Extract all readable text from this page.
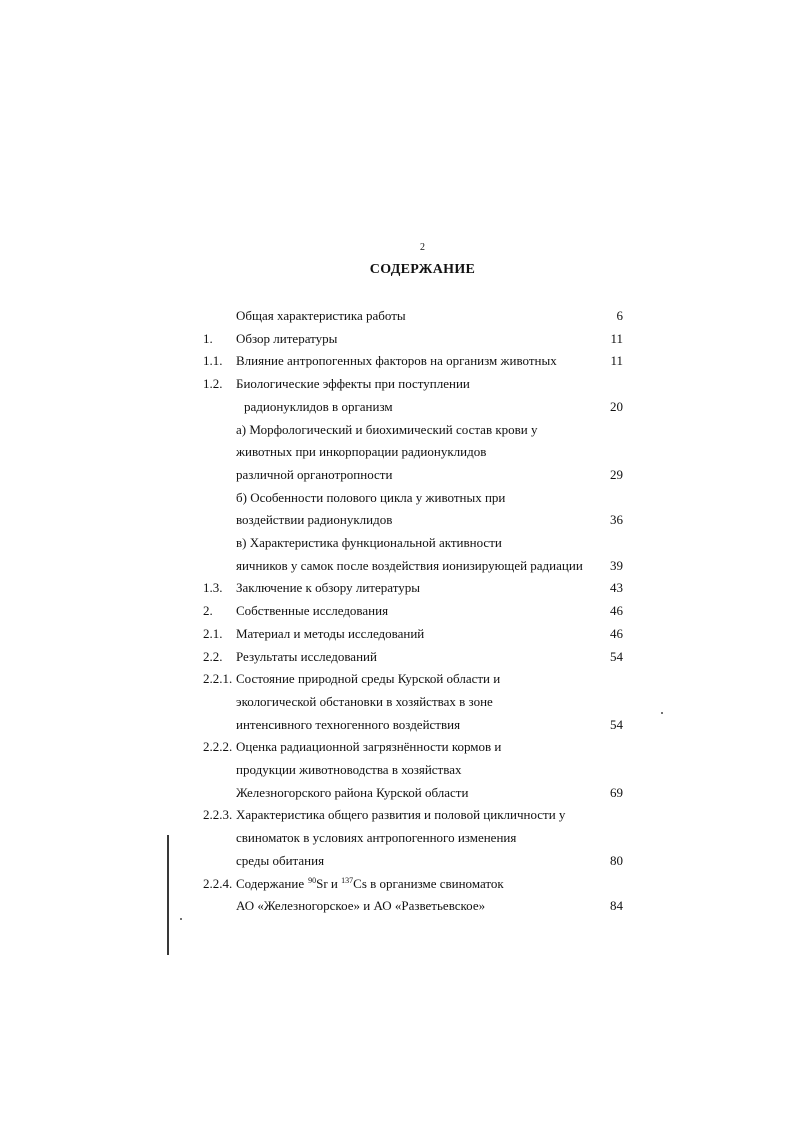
2
СОДЕРЖАНИЕ
Общая характеристика работы	6
1. Обзор литературы	11
1.1. Влияние антропогенных факторов на организм животных	11
1.2. Биологические эффекты при поступлении
радионуклидов в организм	20
а) Морфологический и биохимический состав крови у
животных при инкорпорации радионуклидов
различной органотропности	29
б) Особенности полового цикла у животных при
воздействии радионуклидов	36
в) Характеристика функциональной активности
яичников у самок после воздействия ионизирующей радиации	39
1.3. Заключение к обзору литературы	43
2. Собственные исследования	46
2.1. Материал и методы исследований	46
2.2. Результаты исследований	54
2.2.1. Состояние природной среды Курской области и
экологической обстановки в хозяйствах в зоне
интенсивного техногенного воздействия	54
2.2.2. Оценка радиационной загрязнённости кормов и
продукции животноводства в хозяйствах
Железногорского района Курской области	69
2.2.3. Характеристика общего развития и половой цикличности у
свиноматок в условиях антропогенного изменения
среды обитания	80
2.2.4. Содержание $^{90}$Sr и $^{137}$Cs в организме свиноматок
АО «Железногорское» и АО «Разветьевское»	84
